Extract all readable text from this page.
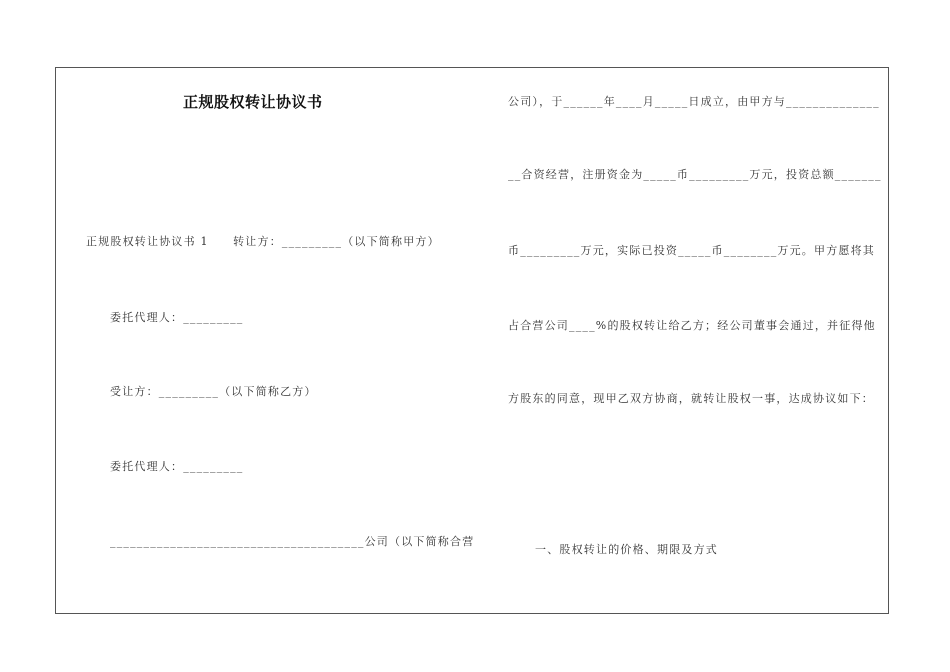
正规股权转让协议书
正规股权转让协议书 1　　转让方：_________（以下简称甲方）
委托代理人：_________
受让方：_________（以下简称乙方）
委托代理人：_________
______________________________________公司（以下简称合营
公司），于______年____月_____日成立，由甲方与______________
__合资经营，注册资金为_____币_________万元，投资总额_______
币_________万元，实际已投资_____币________万元。甲方愿将其
占合营公司____%的股权转让给乙方；经公司董事会通过，并征得他
方股东的同意，现甲乙双方协商，就转让股权一事，达成协议如下：
一、股权转让的价格、期限及方式
